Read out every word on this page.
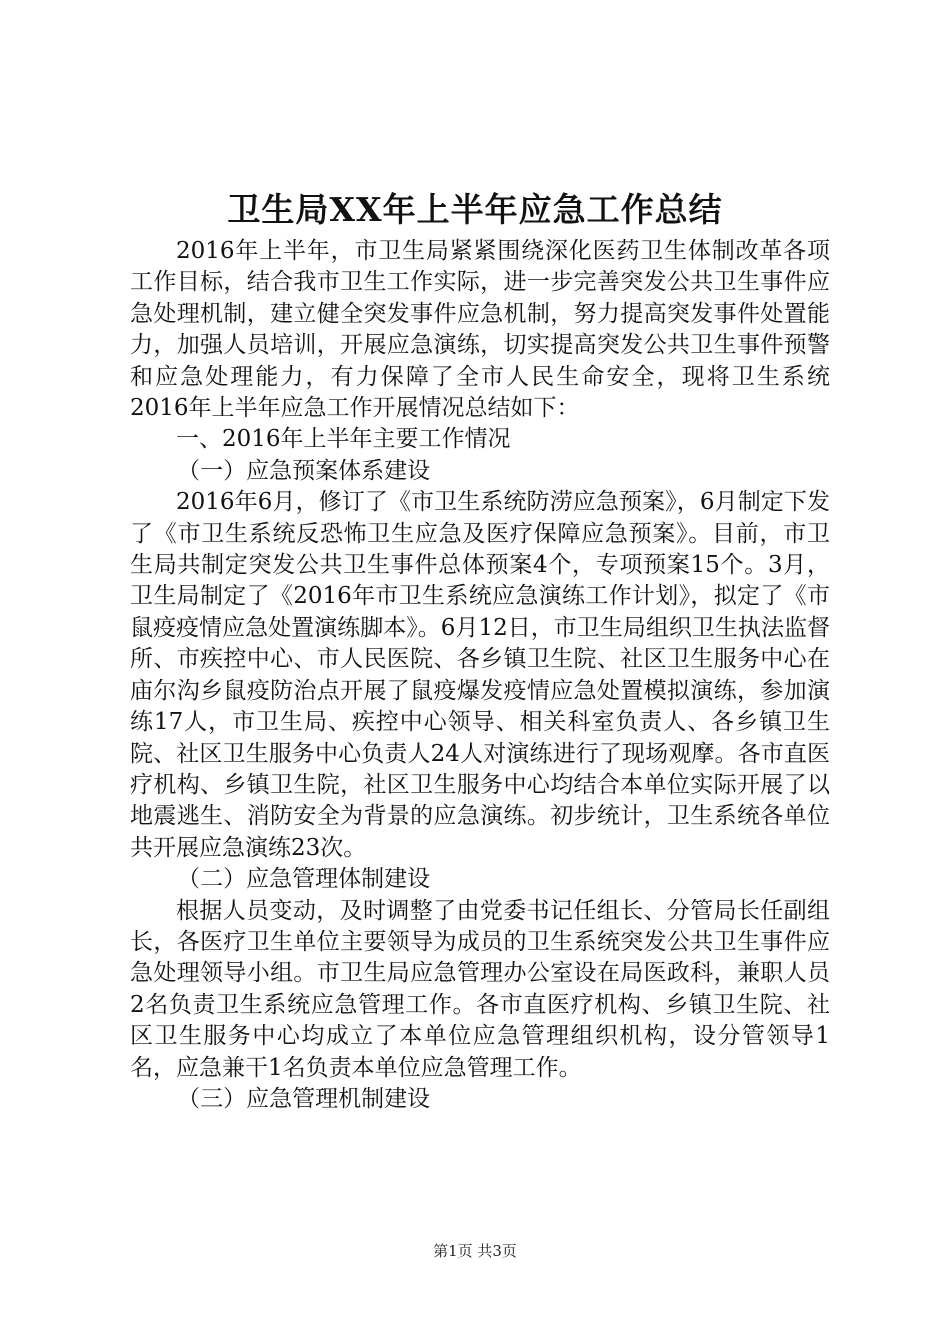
卫生局XX年上半年应急工作总结

2016年上半年，市卫生局紧紧围绕深化医药卫生体制改革各项工作目标，结合我市卫生工作实际，进一步完善突发公共卫生事件应急处理机制，建立健全突发事件应急机制，努力提高突发事件处置能力，加强人员培训，开展应急演练，切实提高突发公共卫生事件预警和应急处理能力，有力保障了全市人民生命安全，现将卫生系统2016年上半年应急工作开展情况总结如下：

一、2016年上半年主要工作情况

（一）应急预案体系建设

2016年6月，修订了《市卫生系统防涝应急预案》，6月制定下发了《市卫生系统反恐怖卫生应急及医疗保障应急预案》。目前，市卫生局共制定突发公共卫生事件总体预案4个，专项预案15个。3月，卫生局制定了《2016年市卫生系统应急演练工作计划》，拟定了《市鼠疫疫情应急处置演练脚本》。6月12日，市卫生局组织卫生执法监督所、市疾控中心、市人民医院、各乡镇卫生院、社区卫生服务中心在庙尔沟乡鼠疫防治点开展了鼠疫爆发疫情应急处置模拟演练，参加演练17人，市卫生局、疾控中心领导、相关科室负责人、各乡镇卫生院、社区卫生服务中心负责人24人对演练进行了现场观摩。各市直医疗机构、乡镇卫生院，社区卫生服务中心均结合本单位实际开展了以地震逃生、消防安全为背景的应急演练。初步统计，卫生系统各单位共开展应急演练23次。

（二）应急管理体制建设

根据人员变动，及时调整了由党委书记任组长、分管局长任副组长，各医疗卫生单位主要领导为成员的卫生系统突发公共卫生事件应急处理领导小组。市卫生局应急管理办公室设在局医政科，兼职人员2名负责卫生系统应急管理工作。各市直医疗机构、乡镇卫生院、社区卫生服务中心均成立了本单位应急管理组织机构，设分管领导1名，应急兼干1名负责本单位应急管理工作。

（三）应急管理机制建设

第1页 共3页
